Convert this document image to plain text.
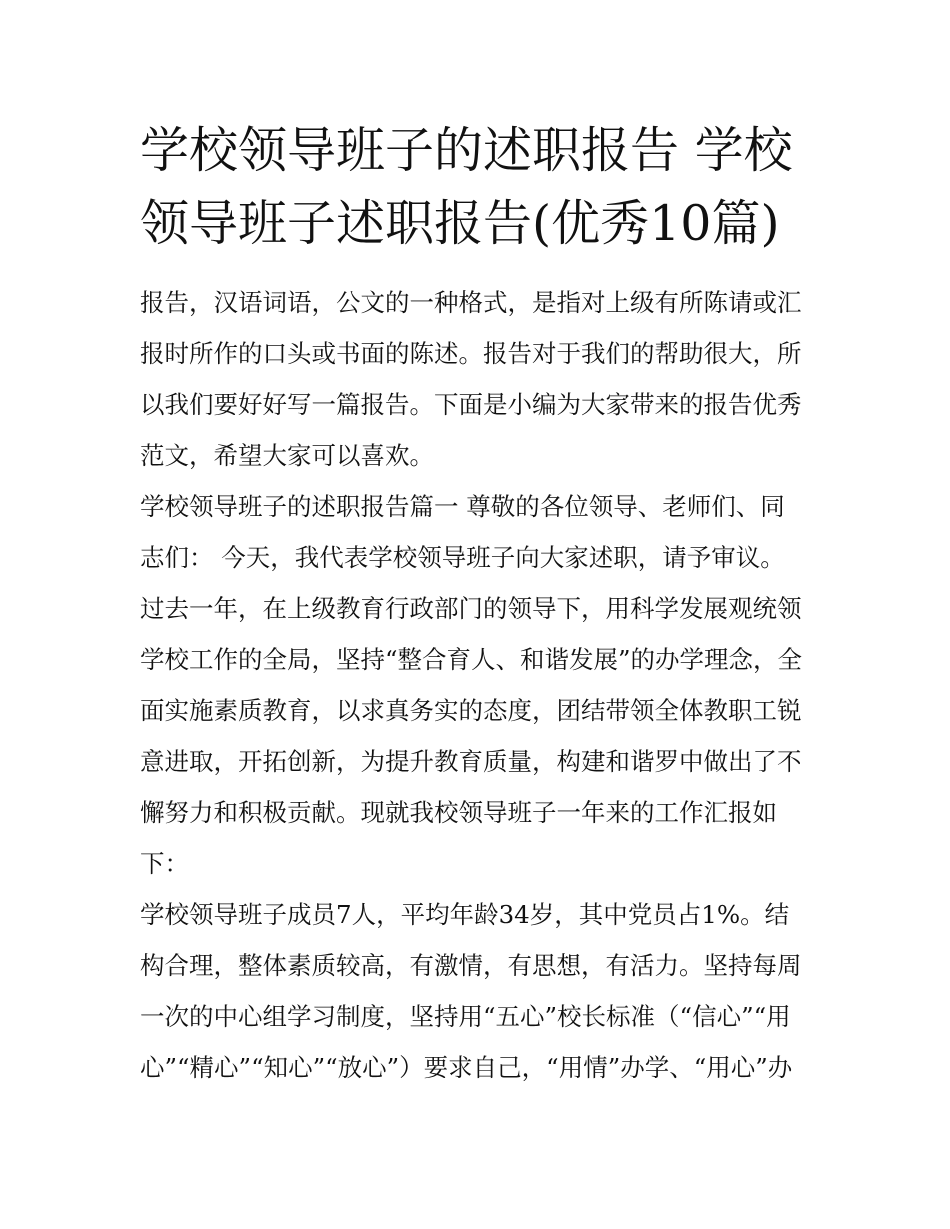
学校领导班子的述职报告 学校
领导班子述职报告(优秀10篇)

报告，汉语词语，公文的一种格式，是指对上级有所陈请或汇
报时所作的口头或书面的陈述。报告对于我们的帮助很大，所
以我们要好好写一篇报告。下面是小编为大家带来的报告优秀
范文，希望大家可以喜欢。

学校领导班子的述职报告篇一 尊敬的各位领导、老师们、同
志们： 今天，我代表学校领导班子向大家述职，请予审议。

过去一年，在上级教育行政部门的领导下，用科学发展观统领
学校工作的全局，坚持“整合育人、和谐发展”的办学理念，全
面实施素质教育，以求真务实的态度，团结带领全体教职工锐
意进取，开拓创新，为提升教育质量，构建和谐罗中做出了不
懈努力和积极贡献。现就我校领导班子一年来的工作汇报如
下：

学校领导班子成员7人，平均年龄34岁，其中党员占1%。结
构合理，整体素质较高，有激情，有思想，有活力。坚持每周
一次的中心组学习制度，坚持用“五心”校长标准（“信心”“用
心”“精心”“知心”“放心”）要求自己，“用情”办学、“用心”办
